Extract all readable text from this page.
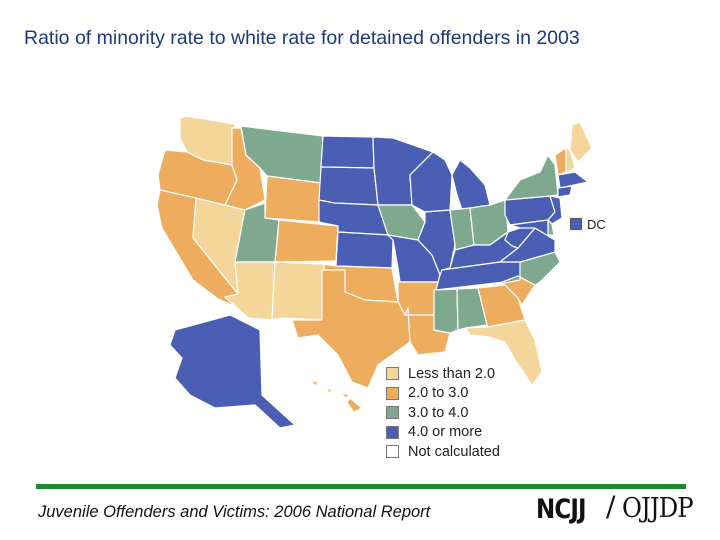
Ratio of minority rate to white rate for detained offenders in 2003
DC
Less than 2.0
2.0 to 3.0
3.0 to 4.0
4.0 or more
Not calculated
Juvenile Offenders and Victims: 2006 National Report	NCJJ / OJJDP
